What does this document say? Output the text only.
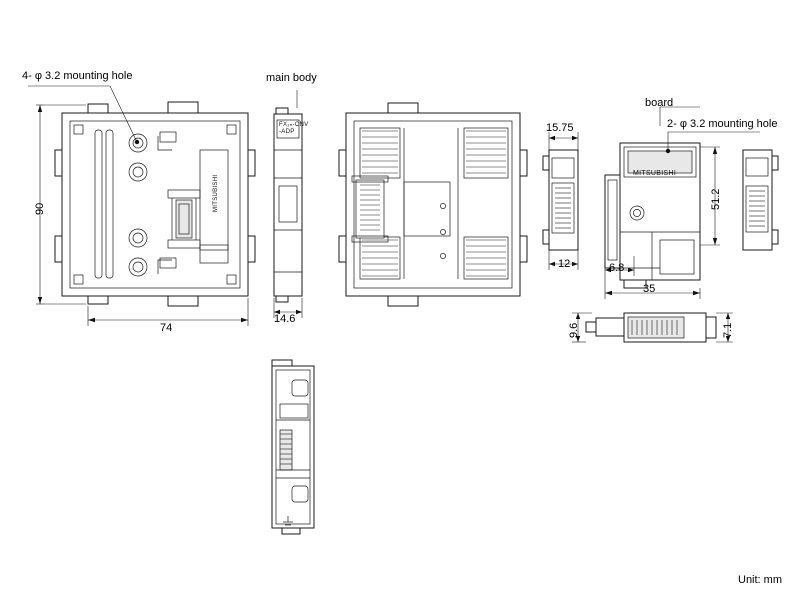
4- φ 3.2 mounting hole	main body
board
2- φ 3.2 mounting hole
90
74
14.6
15.75
12	6.8
35
51.2
9.6	7.1
MITSUBISHI
FX₂ₙ-CNV
-ADP
MITSUBISHI
Unit: mm
